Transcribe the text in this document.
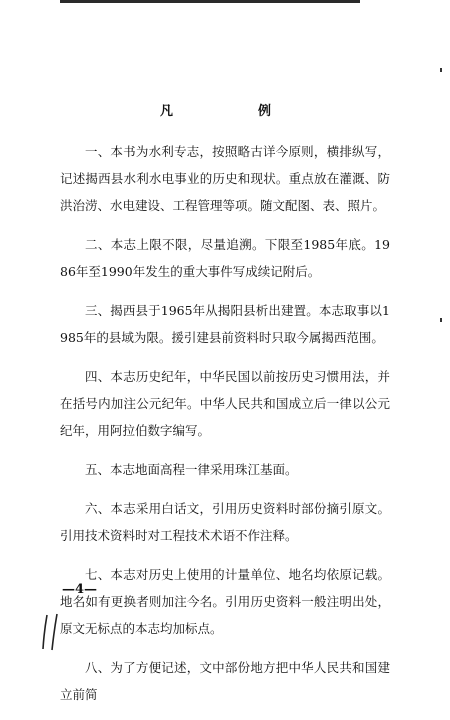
凡	例

一、本书为水利专志，按照略古详今原则，横排纵写，记述揭西县水利水电事业的历史和现状。重点放在灌溉、防洪治涝、水电建设、工程管理等项。随文配图、表、照片。

二、本志上限不限，尽量追溯。下限至1985年底。1986年至1990年发生的重大事件写成续记附后。

三、揭西县于1965年从揭阳县析出建置。本志取事以1985年的县域为限。援引建县前资料时只取今属揭西范围。

四、本志历史纪年，中华民国以前按历史习惯用法，并在括号内加注公元纪年。中华人民共和国成立后一律以公元纪年，用阿拉伯数字编写。

五、本志地面高程一律采用珠江基面。

六、本志采用白话文，引用历史资料时部份摘引原文。引用技术资料时对工程技术术语不作注释。

七、本志对历史上使用的计量单位、地名均依原记载。地名如有更换者则加注今名。引用历史资料一般注明出处，原文无标点的本志均加标点。

八、为了方便记述，文中部份地方把中华人民共和国建立前简

—4—
